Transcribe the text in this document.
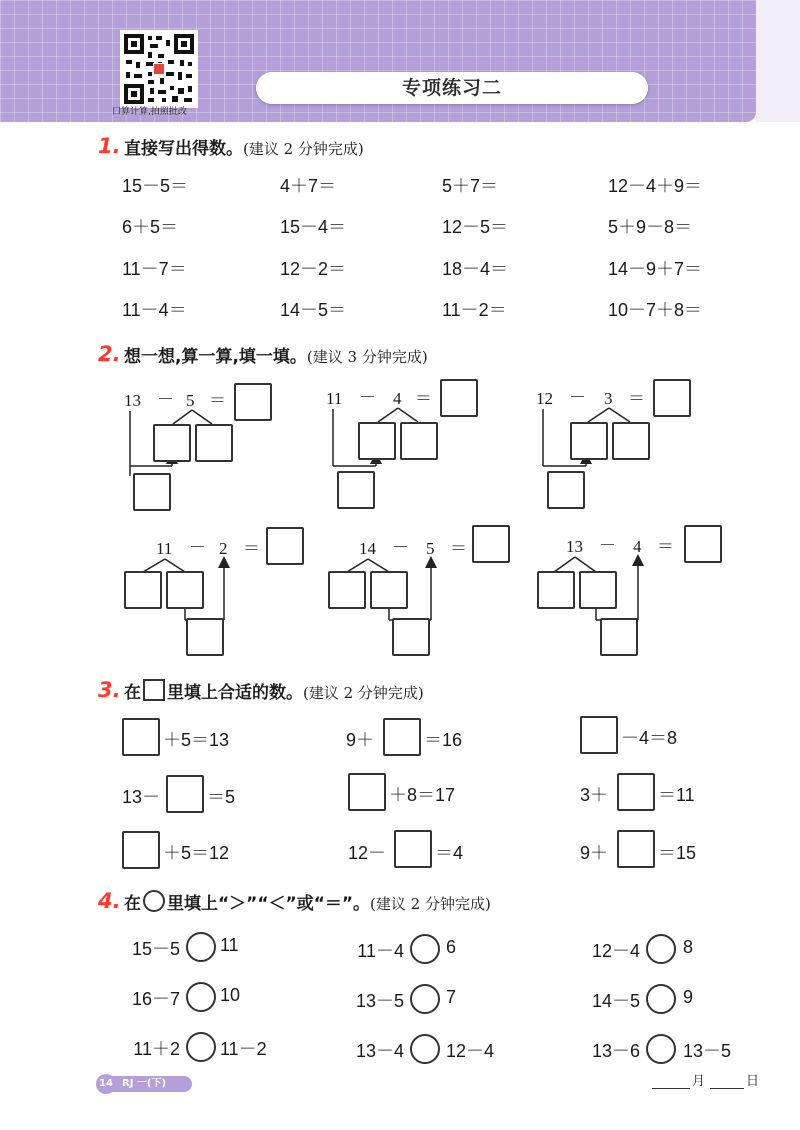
口算计算,拍照批改
专项练习二
1. 直接写出得数。(建议 2 分钟完成)
15－5＝	4＋7＝	5＋7＝	12－4＋9＝
6＋5＝	15－4＝	12－5＝	5＋9－8＝
11－7＝	12－2＝	18－4＝	14－9＋7＝
11－4＝	14－5＝	11－2＝	10－7＋8＝
2. 想一想,算一算,填一填。(建议 3 分钟完成)
13 － 5 ＝	11 － 4 ＝	12 － 3 ＝
11 － 2 ＝	14 － 5 ＝	13 － 4 ＝
3. 在 里填上合适的数。(建议 2 分钟完成)
＋5＝13	9＋	＝16	－4＝8
13－	＝5	＋8＝17	3＋	＝11
＋5＝12	12－	＝4	9＋	＝15
4. 在 里填上“＞”“＜”或“＝”。(建议 2 分钟完成)
15－5 11	11－4 6	12－4 8
16－7 10	13－5 7	14－5 9
11＋2 11－2	13－4 12－4	13－6 13－5
RJ 一(下)
14	月	日
